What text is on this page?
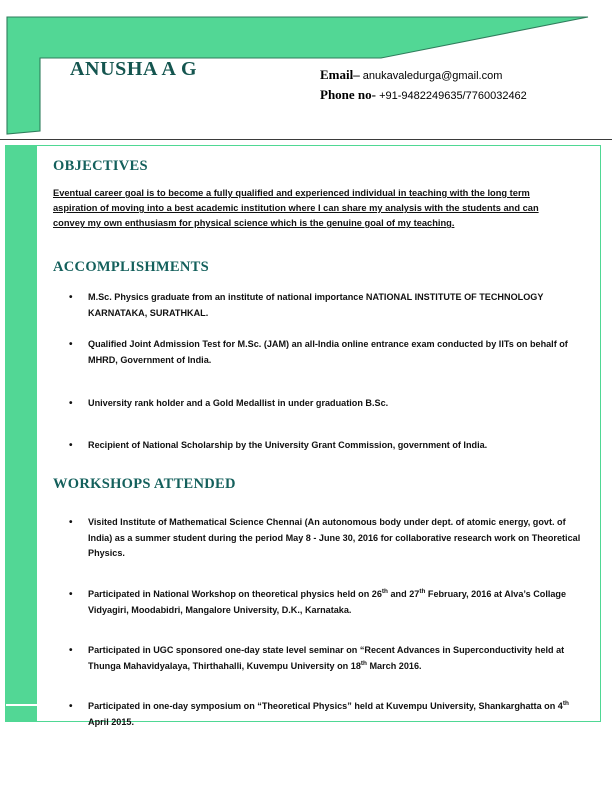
ANUSHA A G	Email– anukavaledurga@gmail.com
Phone no- +91-9482249635/7760032462
OBJECTIVES
Eventual career goal is to become a fully qualified and experienced individual in teaching with the long term aspiration of moving into a best academic institution where I can share my analysis with the students and can convey my own enthusiasm for physical science which is the genuine goal of my teaching.
ACCOMPLISHMENTS
• M.Sc. Physics graduate from an institute of national importance NATIONAL INSTITUTE OF TECHNOLOGY KARNATAKA, SURATHKAL.
• Qualified Joint Admission Test for M.Sc. (JAM) an all-India online entrance exam conducted by IITs on behalf of MHRD, Government of India.
• University rank holder and a Gold Medallist in under graduation B.Sc.
• Recipient of National Scholarship by the University Grant Commission, government of India.
WORKSHOPS ATTENDED
• Visited Institute of Mathematical Science Chennai (An autonomous body under dept. of atomic energy, govt. of India) as a summer student during the period May 8 - June 30, 2016 for collaborative research work on Theoretical Physics.
• Participated in National Workshop on theoretical physics held on 26th and 27th February, 2016 at Alva’s Collage Vidyagiri, Moodabidri, Mangalore University, D.K., Karnataka.
• Participated in UGC sponsored one-day state level seminar on “Recent Advances in Superconductivity held at Thunga Mahavidyalaya, Thirthahalli, Kuvempu University on 18th March 2016.
• Participated in one-day symposium on “Theoretical Physics” held at Kuvempu University, Shankarghatta on 4th April 2015.
